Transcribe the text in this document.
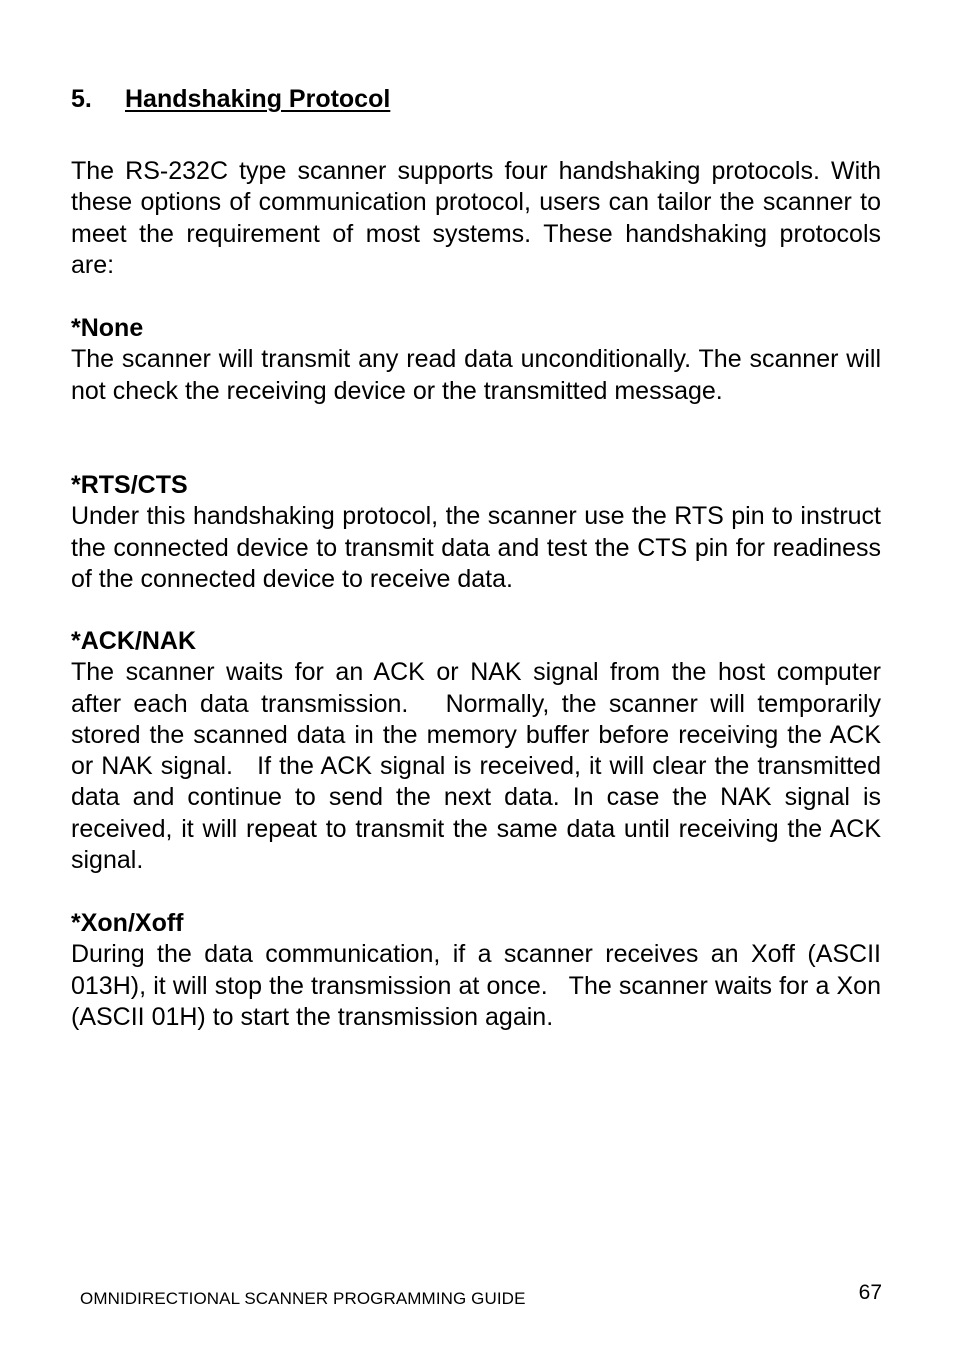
5. Handshaking Protocol

The RS-232C type scanner supports four handshaking protocols. With these options of communication protocol, users can tailor the scanner to meet the requirement of most systems. These handshaking protocols are:

*None

The scanner will transmit any read data unconditionally. The scanner will not check the receiving device or the transmitted message.

*RTS/CTS

Under this handshaking protocol, the scanner use the RTS pin to instruct the connected device to transmit data and test the CTS pin for readiness of the connected device to receive data.

*ACK/NAK

The scanner waits for an ACK or NAK signal from the host computer after each data transmission.   Normally, the scanner will temporarily stored the scanned data in the memory buffer before receiving the ACK or NAK signal.   If the ACK signal is received, it will clear the transmitted data and continue to send the next data. In case the NAK signal is received, it will repeat to transmit the same data until receiving the ACK signal.

*Xon/Xoff

During the data communication, if a scanner receives an Xoff (ASCII 013H), it will stop the transmission at once.   The scanner waits for a Xon (ASCII 01H) to start the transmission again.

OMNIDIRECTIONAL SCANNER PROGRAMMING GUIDE	67
